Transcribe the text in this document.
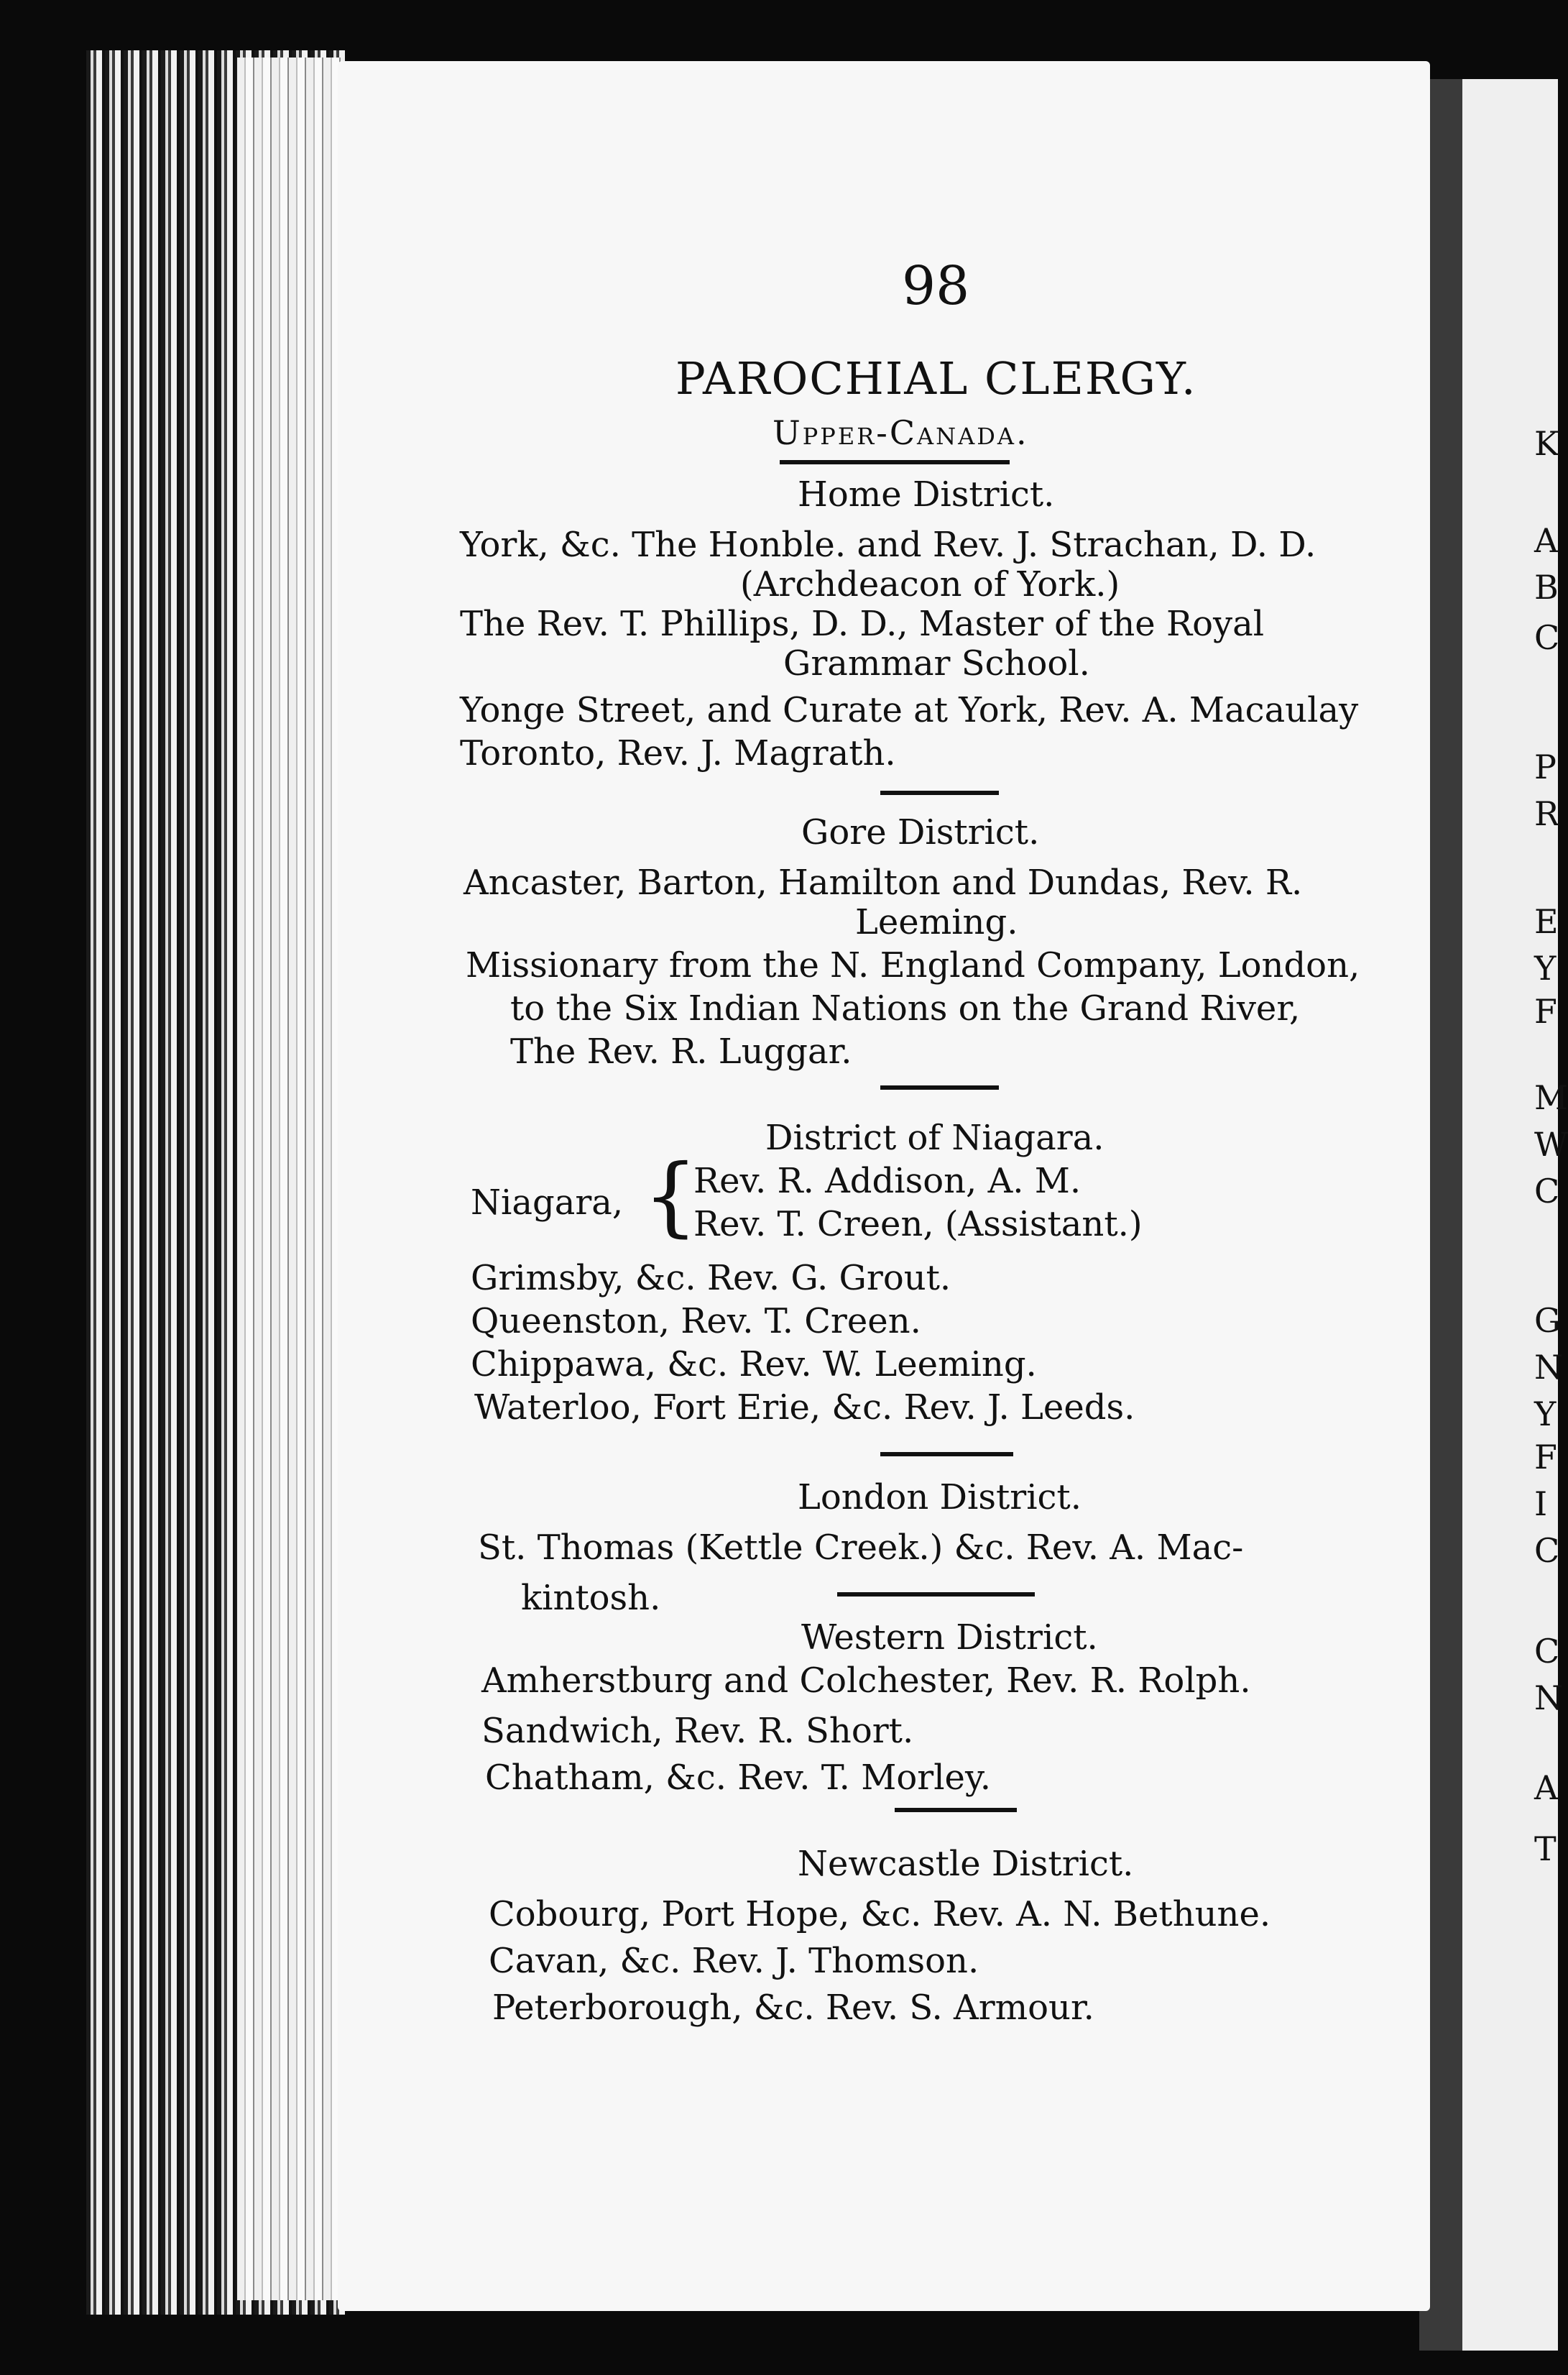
K
A
B
C
P
R
E
Y
F
M
W
C
G
N
Y
F
I
C
C
N
A
T
98
PAROCHIAL CLERGY.
Upper-Canada.
Home District.
York, &c. The Honble. and Rev. J. Strachan, D. D.
(Archdeacon of York.)
The Rev. T. Phillips, D. D., Master of the Royal
Grammar School.
Yonge Street, and Curate at York, Rev. A. Macaulay
Toronto, Rev. J. Magrath.
Gore District.
Ancaster, Barton, Hamilton and Dundas, Rev. R.
Leeming.
Missionary from the N. England Company, London,
to the Six Indian Nations on the Grand River,
The Rev. R. Luggar.
District of Niagara.
Niagara, {
Rev. R. Addison, A. M.
Rev. T. Creen, (Assistant.)
Grimsby, &c. Rev. G. Grout.
Queenston, Rev. T. Creen.
Chippawa, &c. Rev. W. Leeming.
Waterloo, Fort Erie, &c. Rev. J. Leeds.
London District.
St. Thomas (Kettle Creek.) &c. Rev. A. Mac-
kintosh.
Western District.
Amherstburg and Colchester, Rev. R. Rolph.
Sandwich, Rev. R. Short.
Chatham, &c. Rev. T. Morley.
Newcastle District.
Cobourg, Port Hope, &c. Rev. A. N. Bethune.
Cavan, &c. Rev. J. Thomson.
Peterborough, &c. Rev. S. Armour.
